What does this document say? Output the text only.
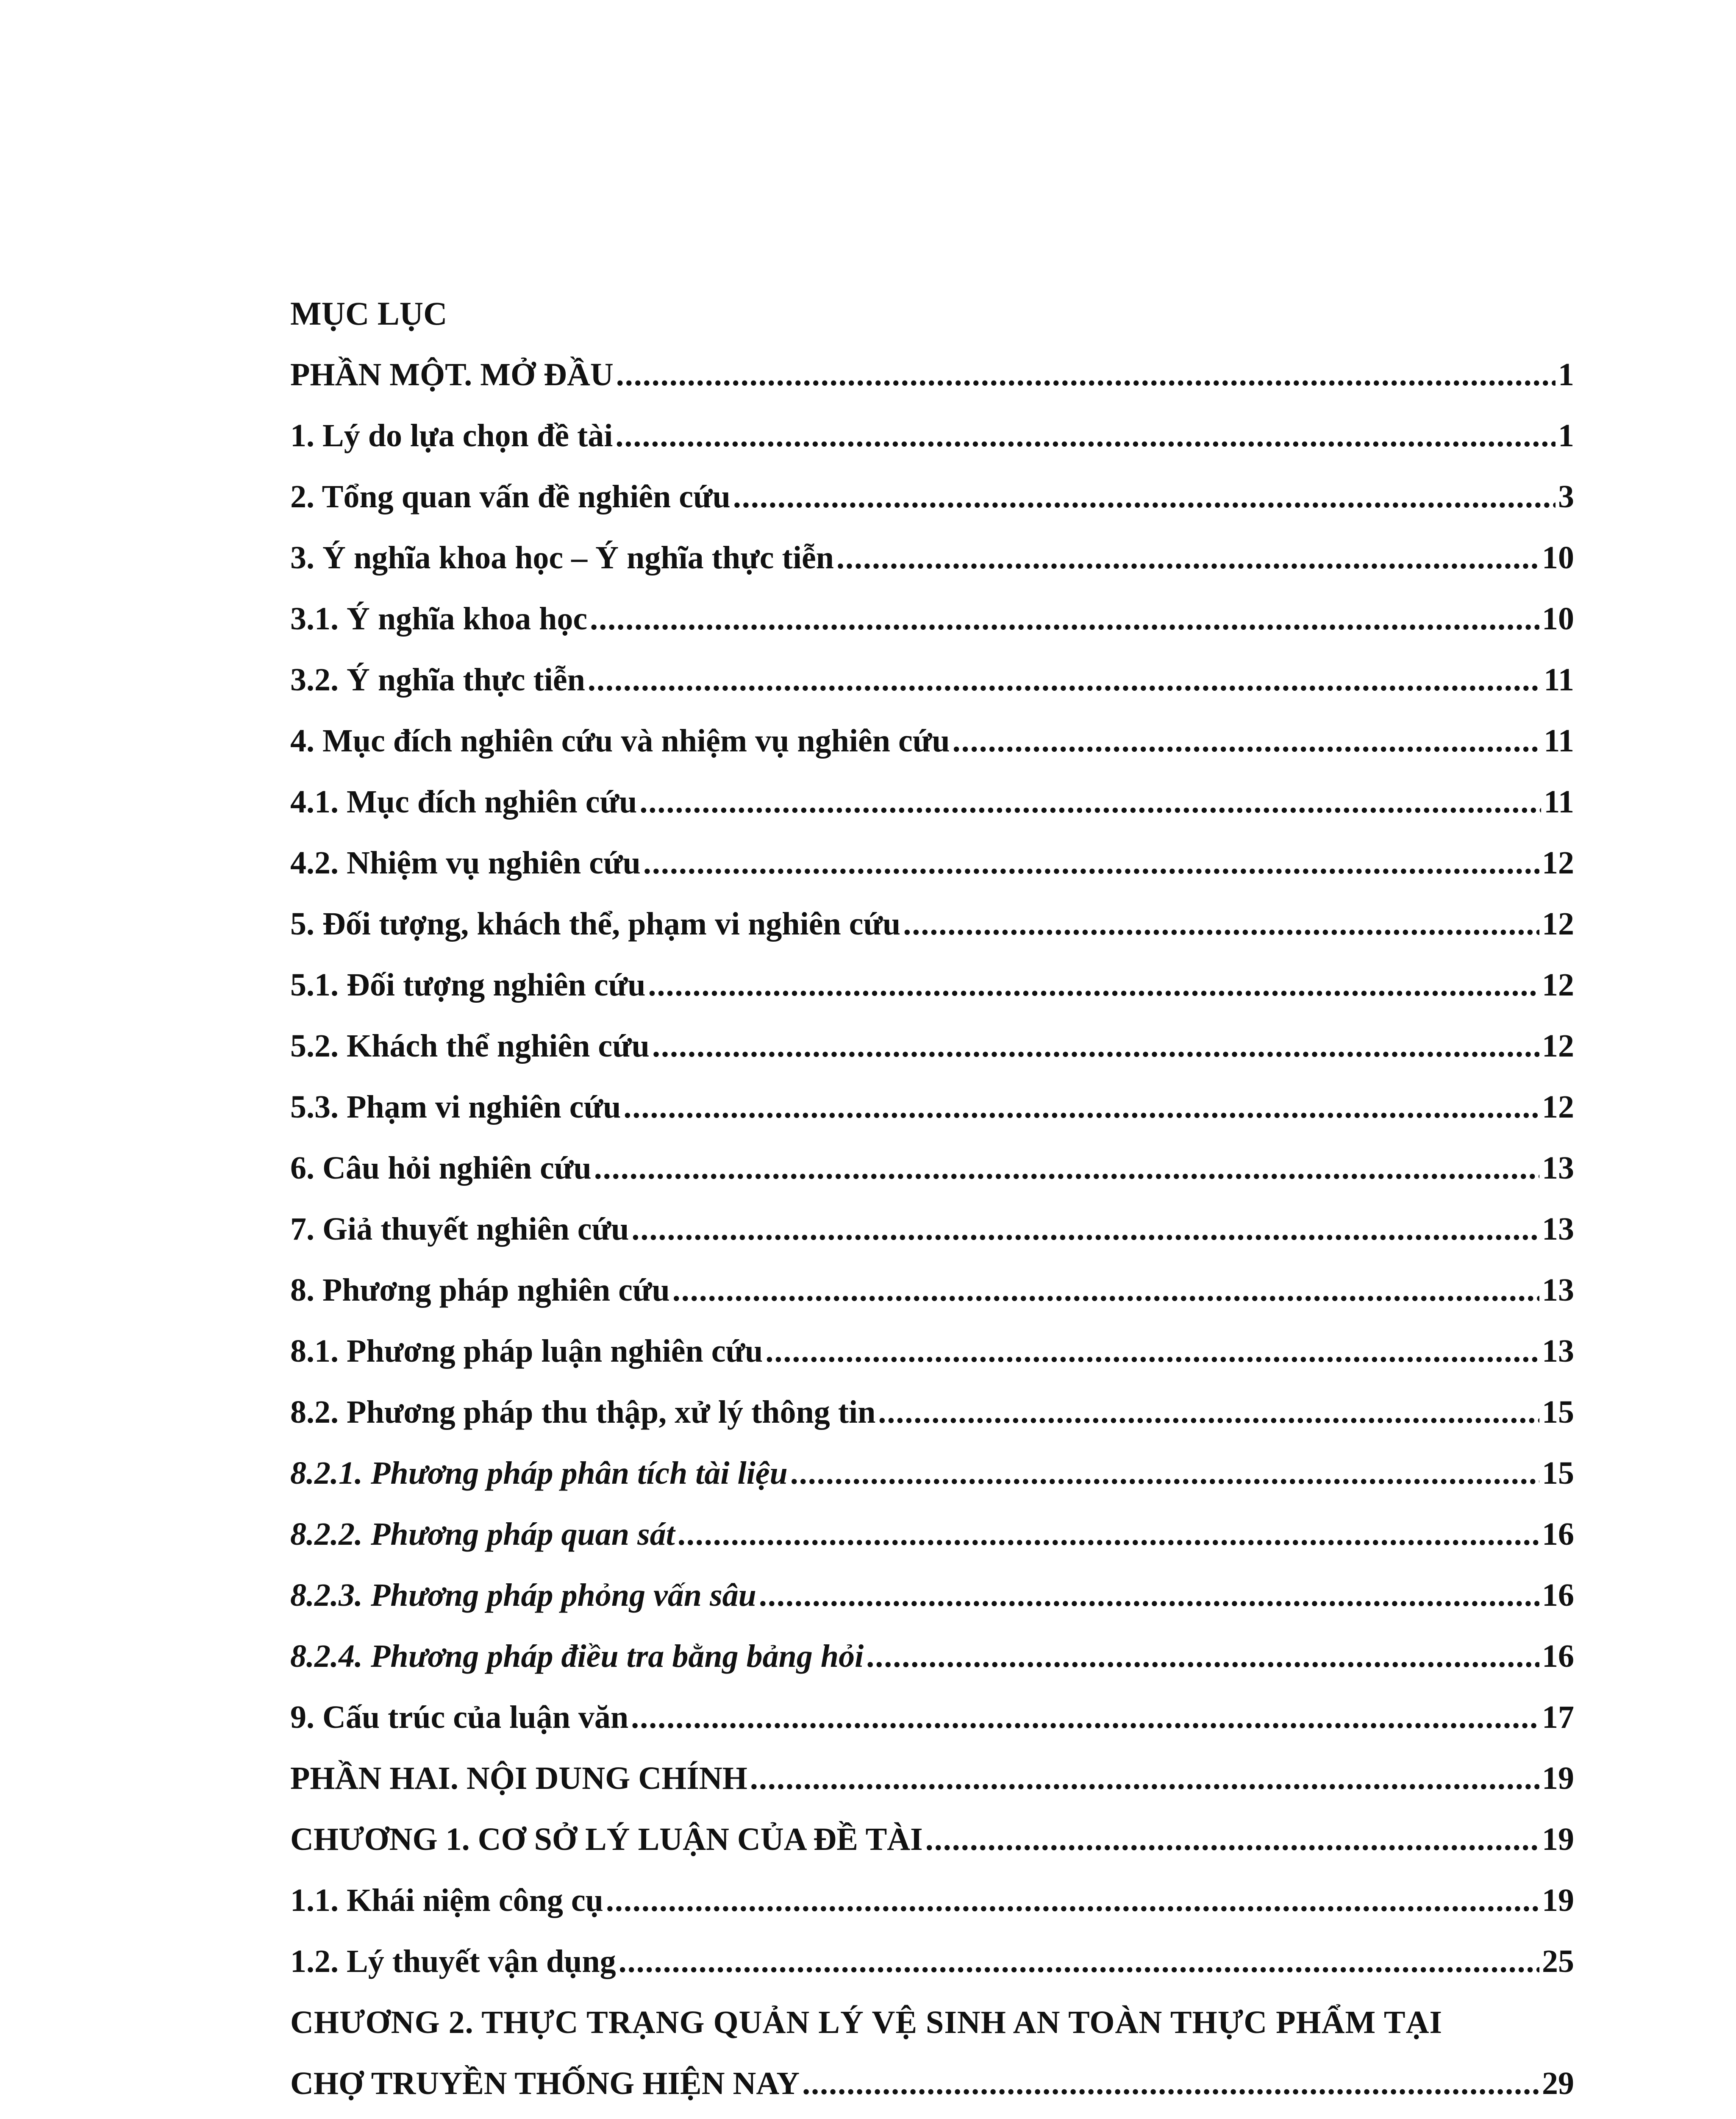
MỤC LỤC
PHẦN MỘT. MỞ ĐẦU .....	1
1. Lý do lựa chọn đề tài .....	1
2. Tổng quan vấn đề nghiên cứu .....	3
3. Ý nghĩa khoa học – Ý nghĩa thực tiễn .....	10
3.1. Ý nghĩa khoa học .....	10
3.2. Ý nghĩa thực tiễn .....	11
4. Mục đích nghiên cứu và nhiệm vụ nghiên cứu .....	11
4.1. Mục đích nghiên cứu .....	11
4.2. Nhiệm vụ nghiên cứu .....	12
5. Đối tượng, khách thể, phạm vi nghiên cứu .....	12
5.1. Đối tượng nghiên cứu .....	12
5.2. Khách thể nghiên cứu .....	12
5.3. Phạm vi nghiên cứu .....	12
6. Câu hỏi nghiên cứu .....	13
7. Giả thuyết nghiên cứu .....	13
8. Phương pháp nghiên cứu .....	13
8.1. Phương pháp luận nghiên cứu .....	13
8.2. Phương pháp thu thập, xử lý thông tin .....	15
8.2.1. Phương pháp phân tích tài liệu .....	15
8.2.2. Phương pháp quan sát .....	16
8.2.3. Phương pháp phỏng vấn sâu .....	16
8.2.4. Phương pháp điều tra bằng bảng hỏi .....	16
9. Cấu trúc của luận văn .....	17
PHẦN HAI. NỘI DUNG CHÍNH .....	19
CHƯƠNG 1. CƠ SỞ LÝ LUẬN CỦA ĐỀ TÀI .....	19
1.1. Khái niệm công cụ .....	19
1.2. Lý thuyết vận dụng .....	25
CHƯƠNG 2. THỰC TRẠNG QUẢN LÝ VỆ SINH AN TOÀN THỰC PHẨM TẠI
CHỢ TRUYỀN THỐNG HIỆN NAY .....	29
